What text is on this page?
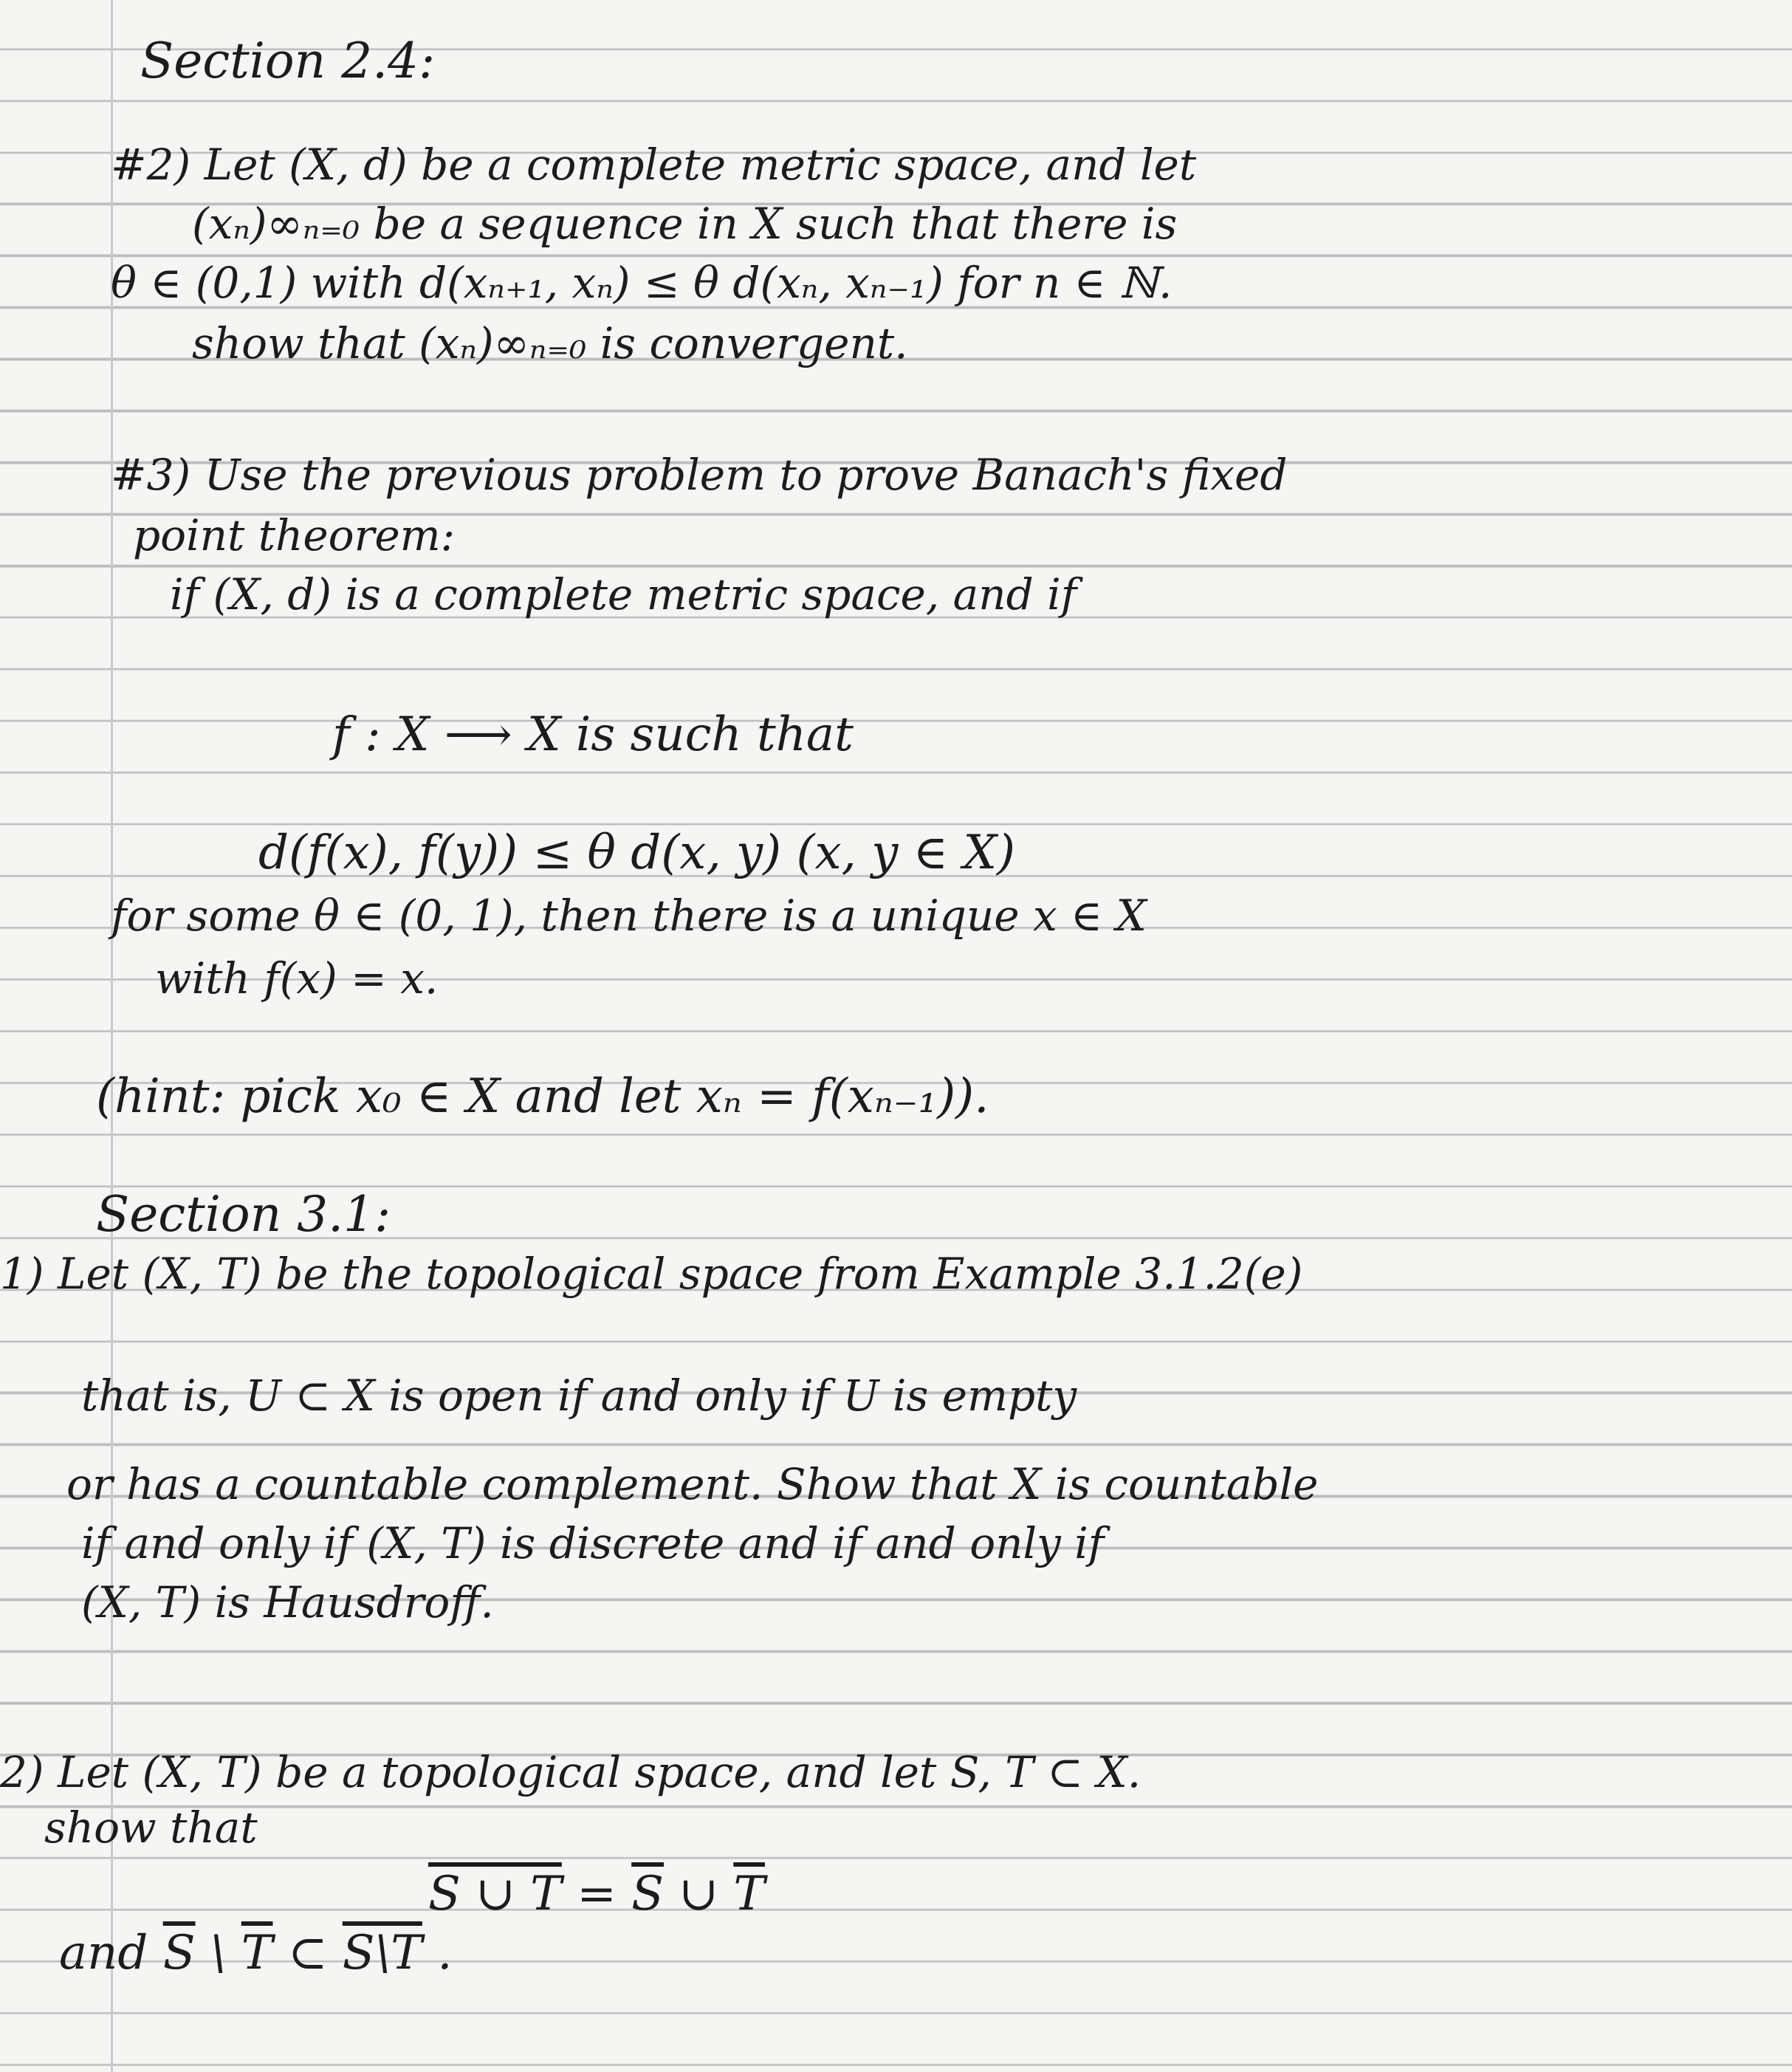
Section 2.4:
#2) Let (X, d) be a complete metric space, and let
(xₙ)∞ₙ₌₀ be a sequence in X such that there is
θ ∈ (0,1) with d(xₙ₊₁, xₙ) ≤ θ d(xₙ, xₙ₋₁) for n ∈ ℕ.
show that (xₙ)∞ₙ₌₀ is convergent.
#3) Use the previous problem to prove Banach's fixed
point theorem:
if (X, d) is a complete metric space, and if
f : X ⟶ X is such that
d(f(x), f(y)) ≤ θ d(x, y) (x, y ∈ X)
for some θ ∈ (0, 1), then there is a unique x ∈ X
with f(x) = x.
(hint: pick x₀ ∈ X and let xₙ = f(xₙ₋₁)).
Section 3.1:
1) Let (X, T) be the topological space from Example 3.1.2(e)
that is, U ⊂ X is open if and only if U is empty
or has a countable complement. Show that X is countable
if and only if (X, T) is discrete and if and only if
(X, T) is Hausdroff.
2) Let (X, T) be a topological space, and let S, T ⊂ X.
show that
S ∪ $T = \overline{S}$ ∪ $\overline{T}$
and $\overline{S}$ \ $\overline{T}$ ⊂ S\T .
